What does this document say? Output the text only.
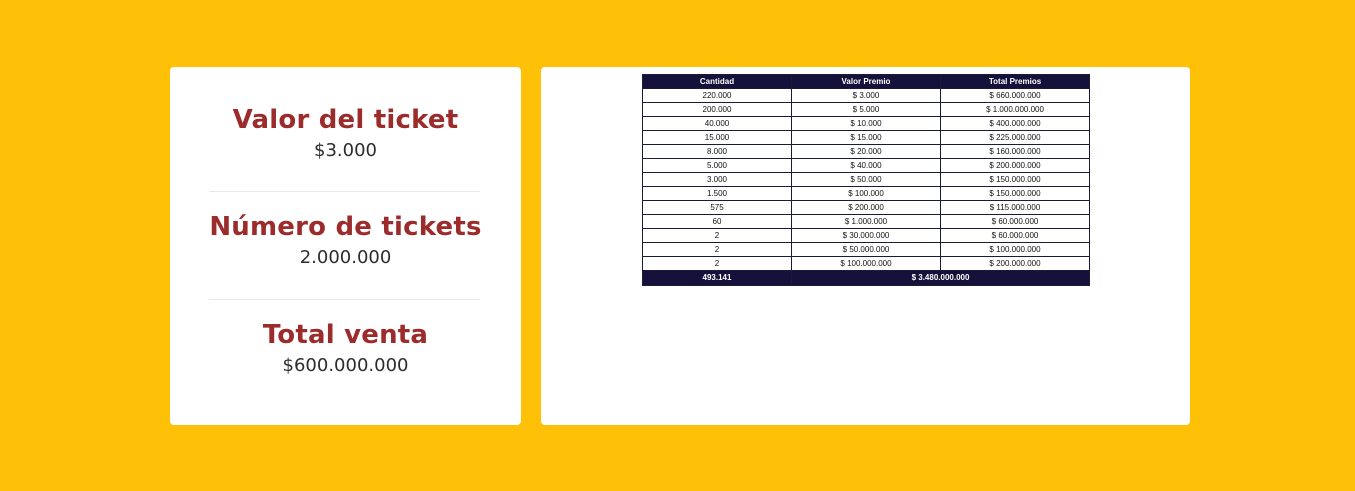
Valor del ticket
$3.000
Número de tickets
2.000.000
Total venta
$600.000.000
Cantidad	Valor Premio	Total Premios
220.000	$ 3.000	$ 660.000.000
200.000	$ 5.000	$ 1.000.000.000
40.000	$ 10.000	$ 400.000.000
15.000	$ 15.000	$ 225.000.000
8.000	$ 20.000	$ 160.000.000
5.000	$ 40.000	$ 200.000.000
3.000	$ 50.000	$ 150.000.000
1.500	$ 100.000	$ 150.000.000
575	$ 200.000	$ 115.000.000
60	$ 1.000.000	$ 60.000.000
2	$ 30.000.000	$ 60.000.000
2	$ 50.000.000	$ 100.000.000
2	$ 100.000.000	$ 200.000.000
493.141	$ 3.480.000.000	
